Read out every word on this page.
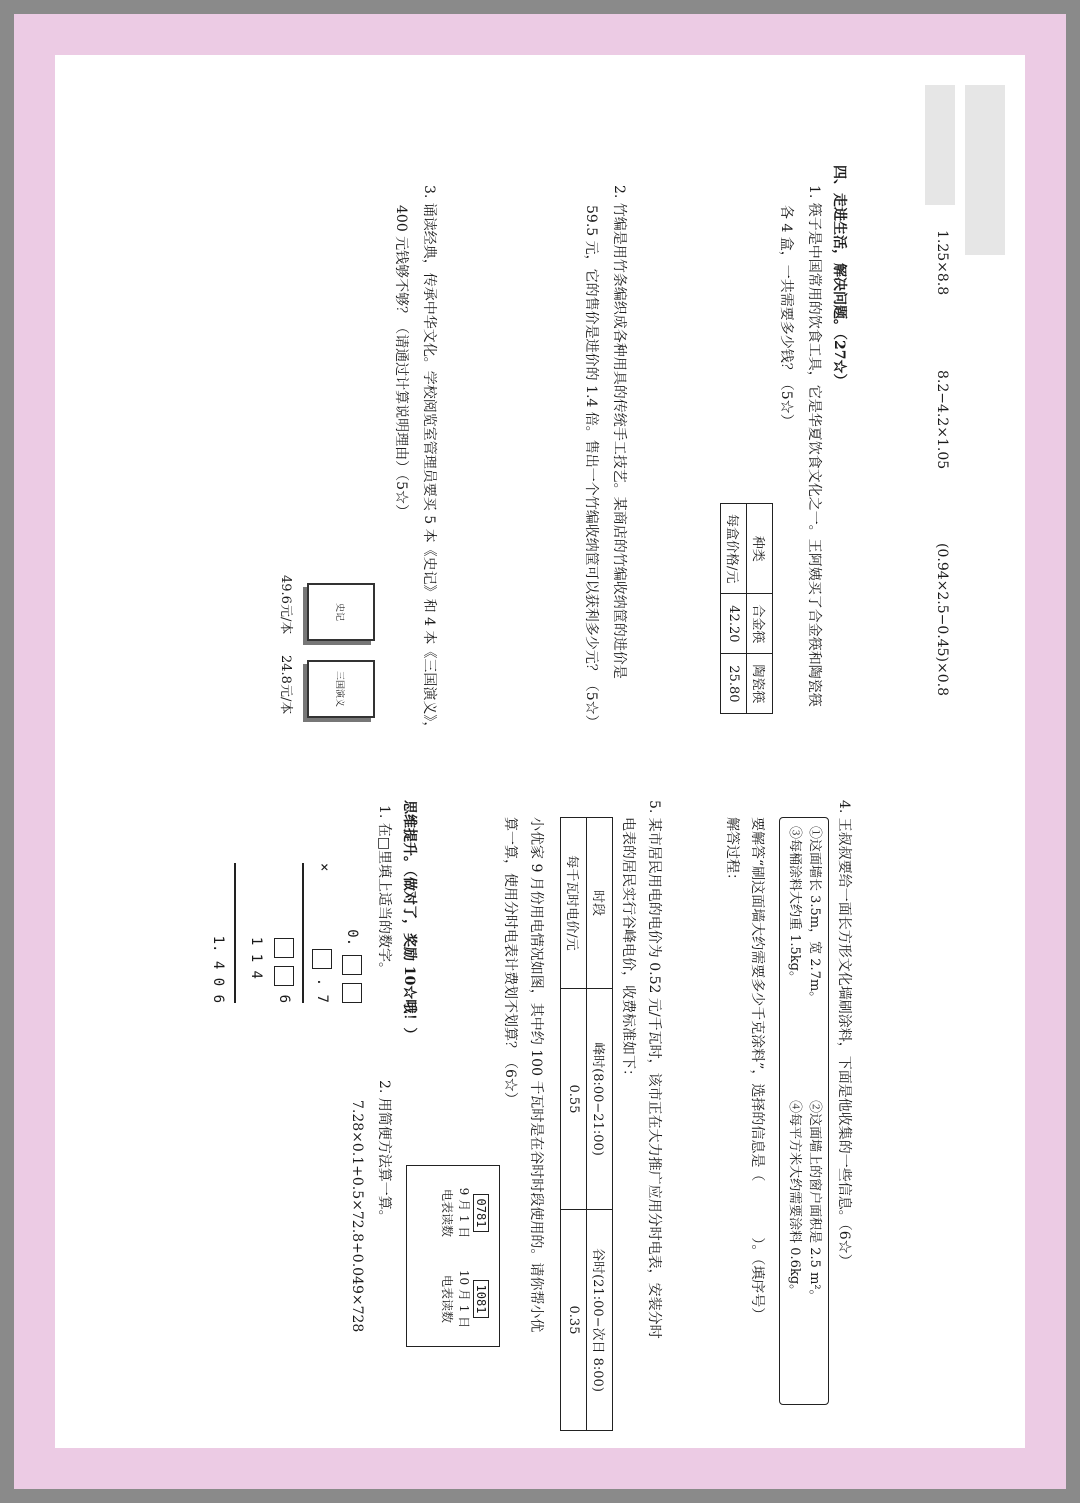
1.25×8.8
8.2−4.2×1.05
(0.94×2.5−0.45)×0.8
四、走进生活，解决问题。（27☆）
1. 筷子是中国常用的饮食工具，它是华夏饮食文化之一。王阿姨买了合金筷和陶瓷筷
各 4 盒，一共需要多少钱？（5☆）
种类	合金筷	陶瓷筷
每盒价格/元	42.20	25.80
2. 竹编是用竹条编织成各种用具的传统手工技艺。某商店的竹编收纳筐的进价是
59.5 元，它的售价是进价的 1.4 倍。售出一个竹编收纳筐可以获利多少元？（5☆）
3. 诵读经典，传承中华文化。学校阅览室管理员要买 5 本《史记》和 4 本《三国演义》，
400 元钱够不够？（请通过计算说明理由）（5☆）
史记
三国演义
49.6元/本
24.8元/本
4. 王叔叔要给一面长方形文化墙刷涂料，下面是他收集的一些信息。（6☆）
①这面墙长 3.5m，宽 2.7m。 ②这面墙上的窗户面积是 2.5 m²。
③每桶涂料大约重 1.5kg。 ④每平方米大约需要涂料 0.6kg。
要解答“刷这面墙大约需要多少千克涂料”，选择的信息是（　　　　）。（填序号）
解答过程：
5. 某市居民用电的电价为 0.52 元/千瓦时，该市正在大力推广应用分时电表，安装分时
电表的居民实行谷峰电价，收费标准如下：
时段	峰时(8:00−21:00)	谷时(21:00−次日 8:00)
每千瓦时电价/元	0.55	0.35
小优家 9 月份用电情况如图，其中约 100 千瓦时是在谷时时段使用的。请你帮小优
算一算，使用分时电表计费划不划算？（6☆）
0781
9 月 1 日
电表读数
1081
10 月 1 日
电表读数
思维提升。（做对了，奖励 10☆哦！）
1. 在□里填上适当的数字。
2. 用简便方法算一算。
7.28×0.1+0.5×72.8+0.049×728
0.
×
. 7
6
1 1 4
1. 4 0 6
